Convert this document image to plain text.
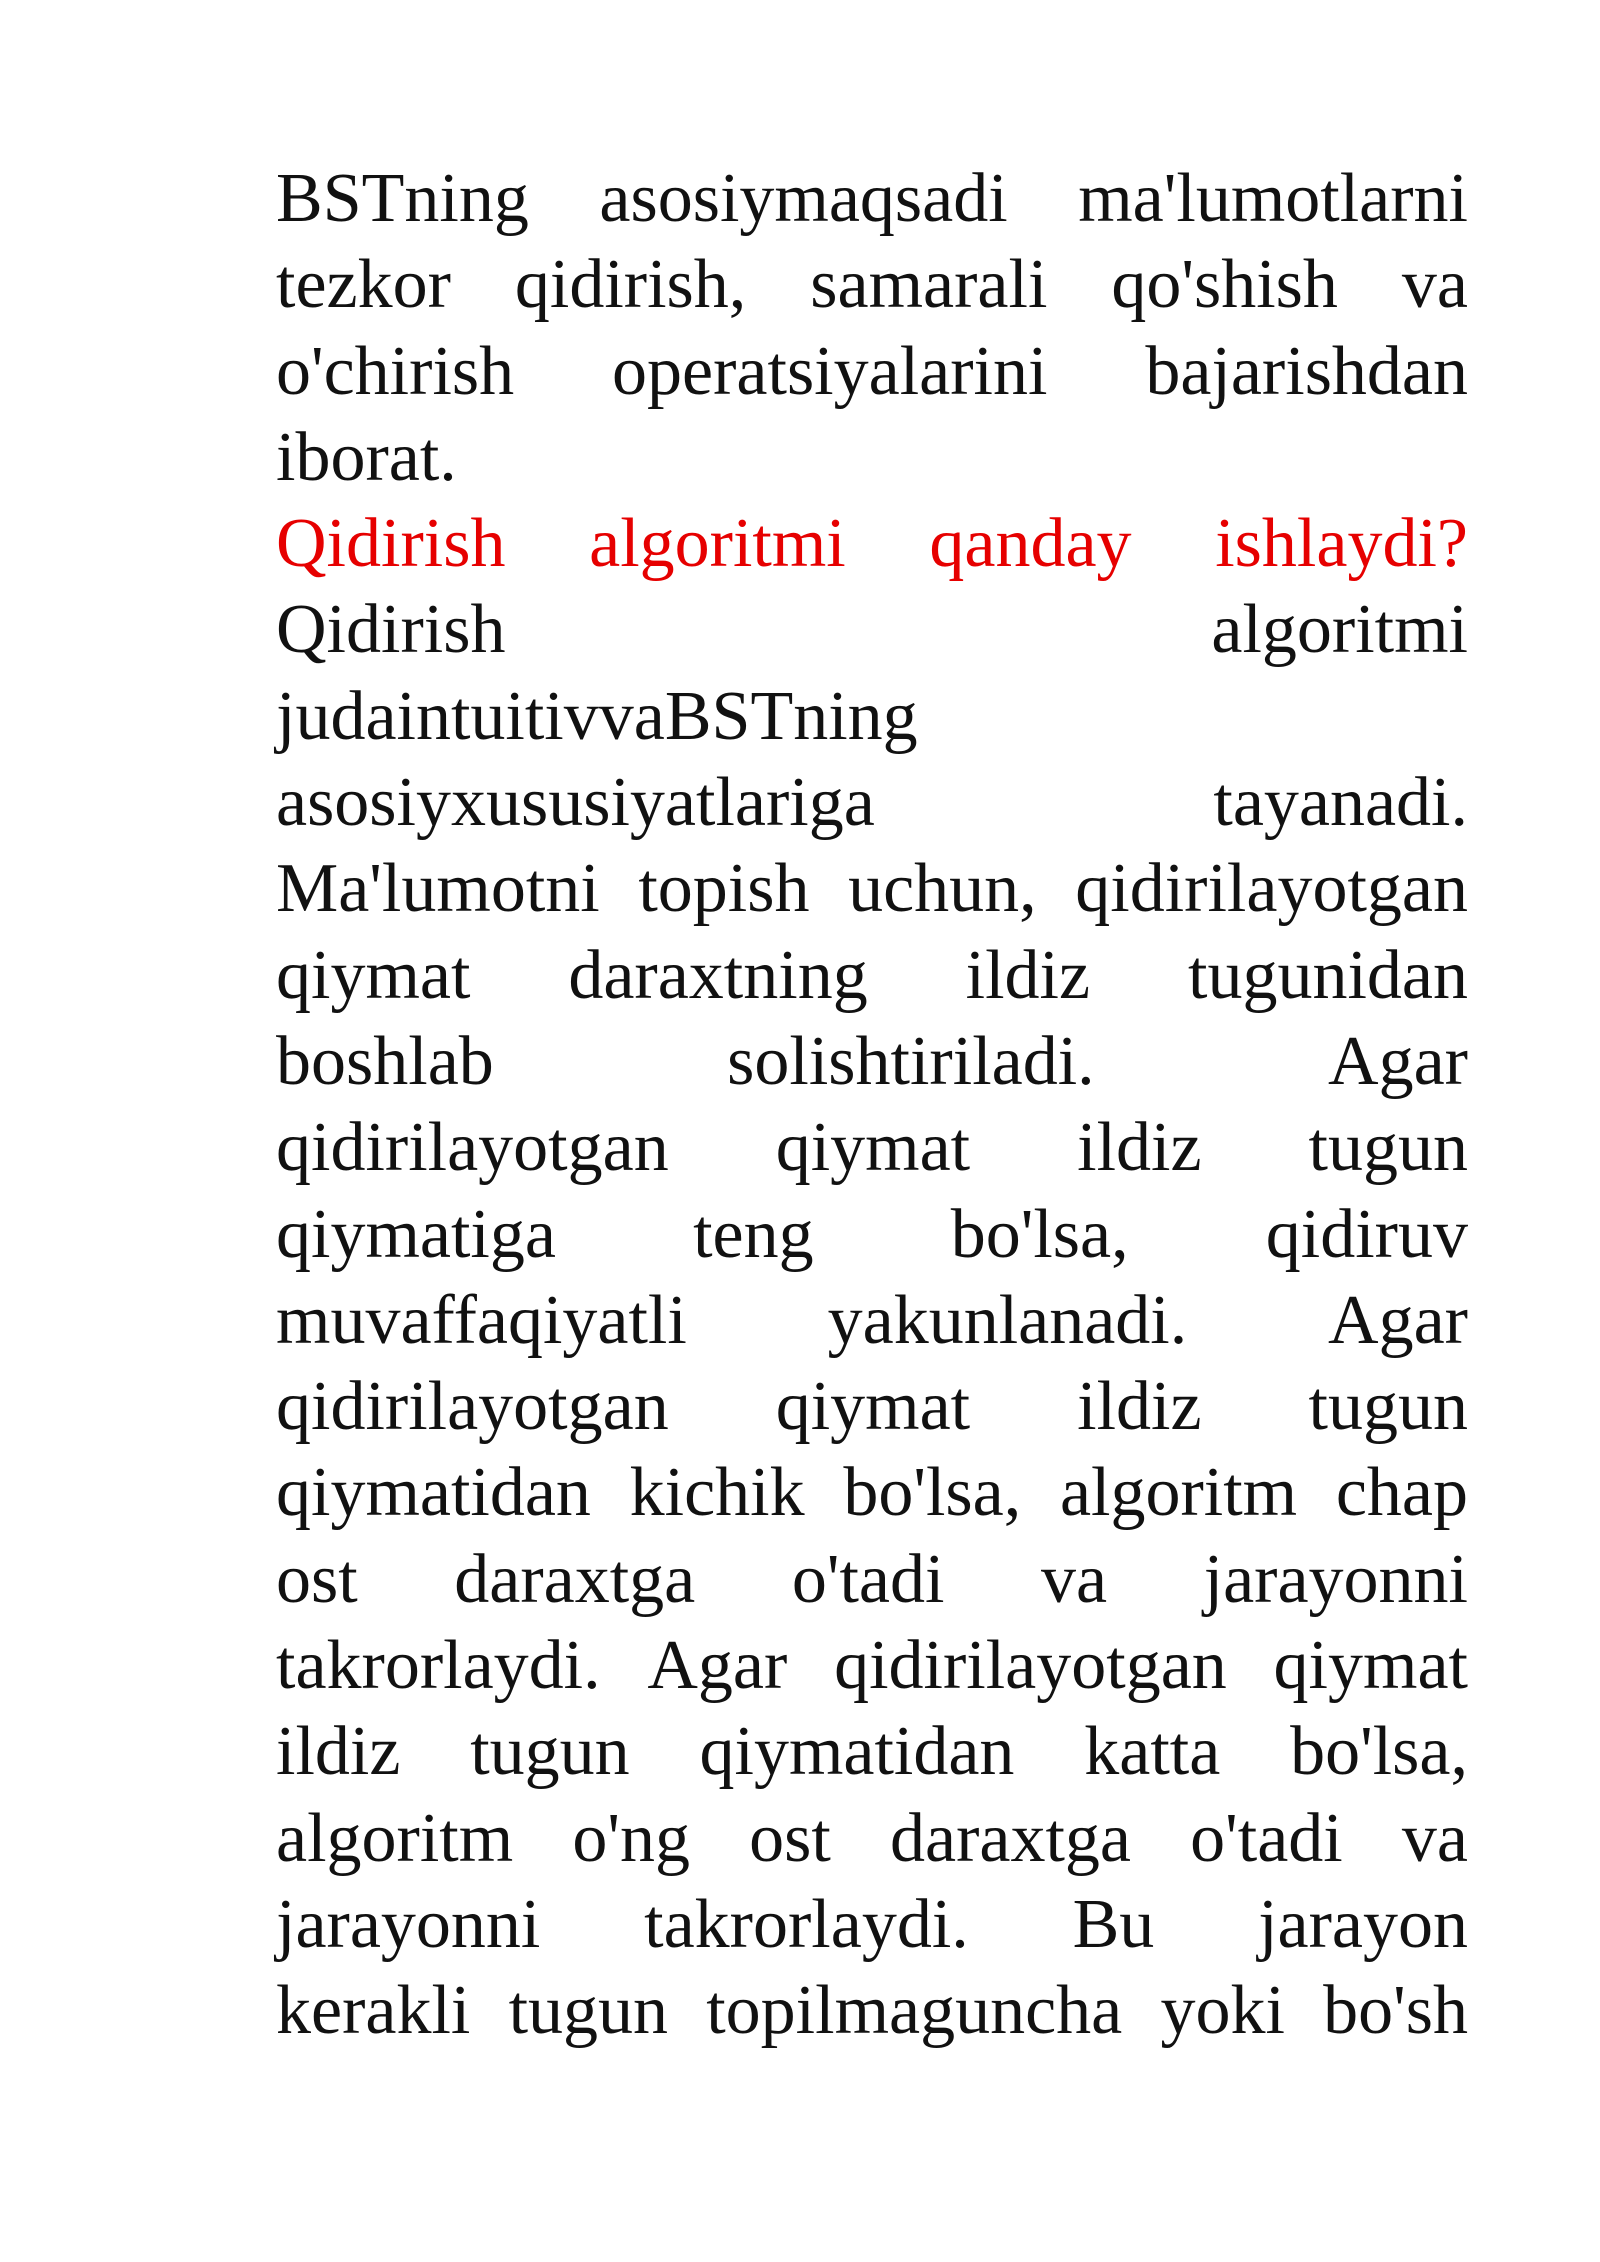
BSTning asosiymaqsadi ma'lumotlarni
tezkor qidirish, samarali qo'shish va
o'chirish operatsiyalarini bajarishdan
iborat.
Qidirish algoritmi qanday ishlaydi?
Qidirish	algoritmi
judaintuitivvaBSTning
asosiyxususiyatlariga	tayanadi.
Ma'lumotni topish uchun, qidirilayotgan
qiymat daraxtning ildiz tugunidan
boshlab	solishtiriladi.	Agar
qidirilayotgan qiymat ildiz tugun
qiymatiga teng bo'lsa, qidiruv
muvaffaqiyatli yakunlanadi. Agar
qidirilayotgan qiymat ildiz tugun
qiymatidan kichik bo'lsa, algoritm chap
ost daraxtga o'tadi va jarayonni
takrorlaydi. Agar qidirilayotgan qiymat
ildiz tugun qiymatidan katta bo'lsa,
algoritm o'ng ost daraxtga o'tadi va
jarayonni takrorlaydi. Bu jarayon
kerakli tugun topilmaguncha yoki bo'sh
